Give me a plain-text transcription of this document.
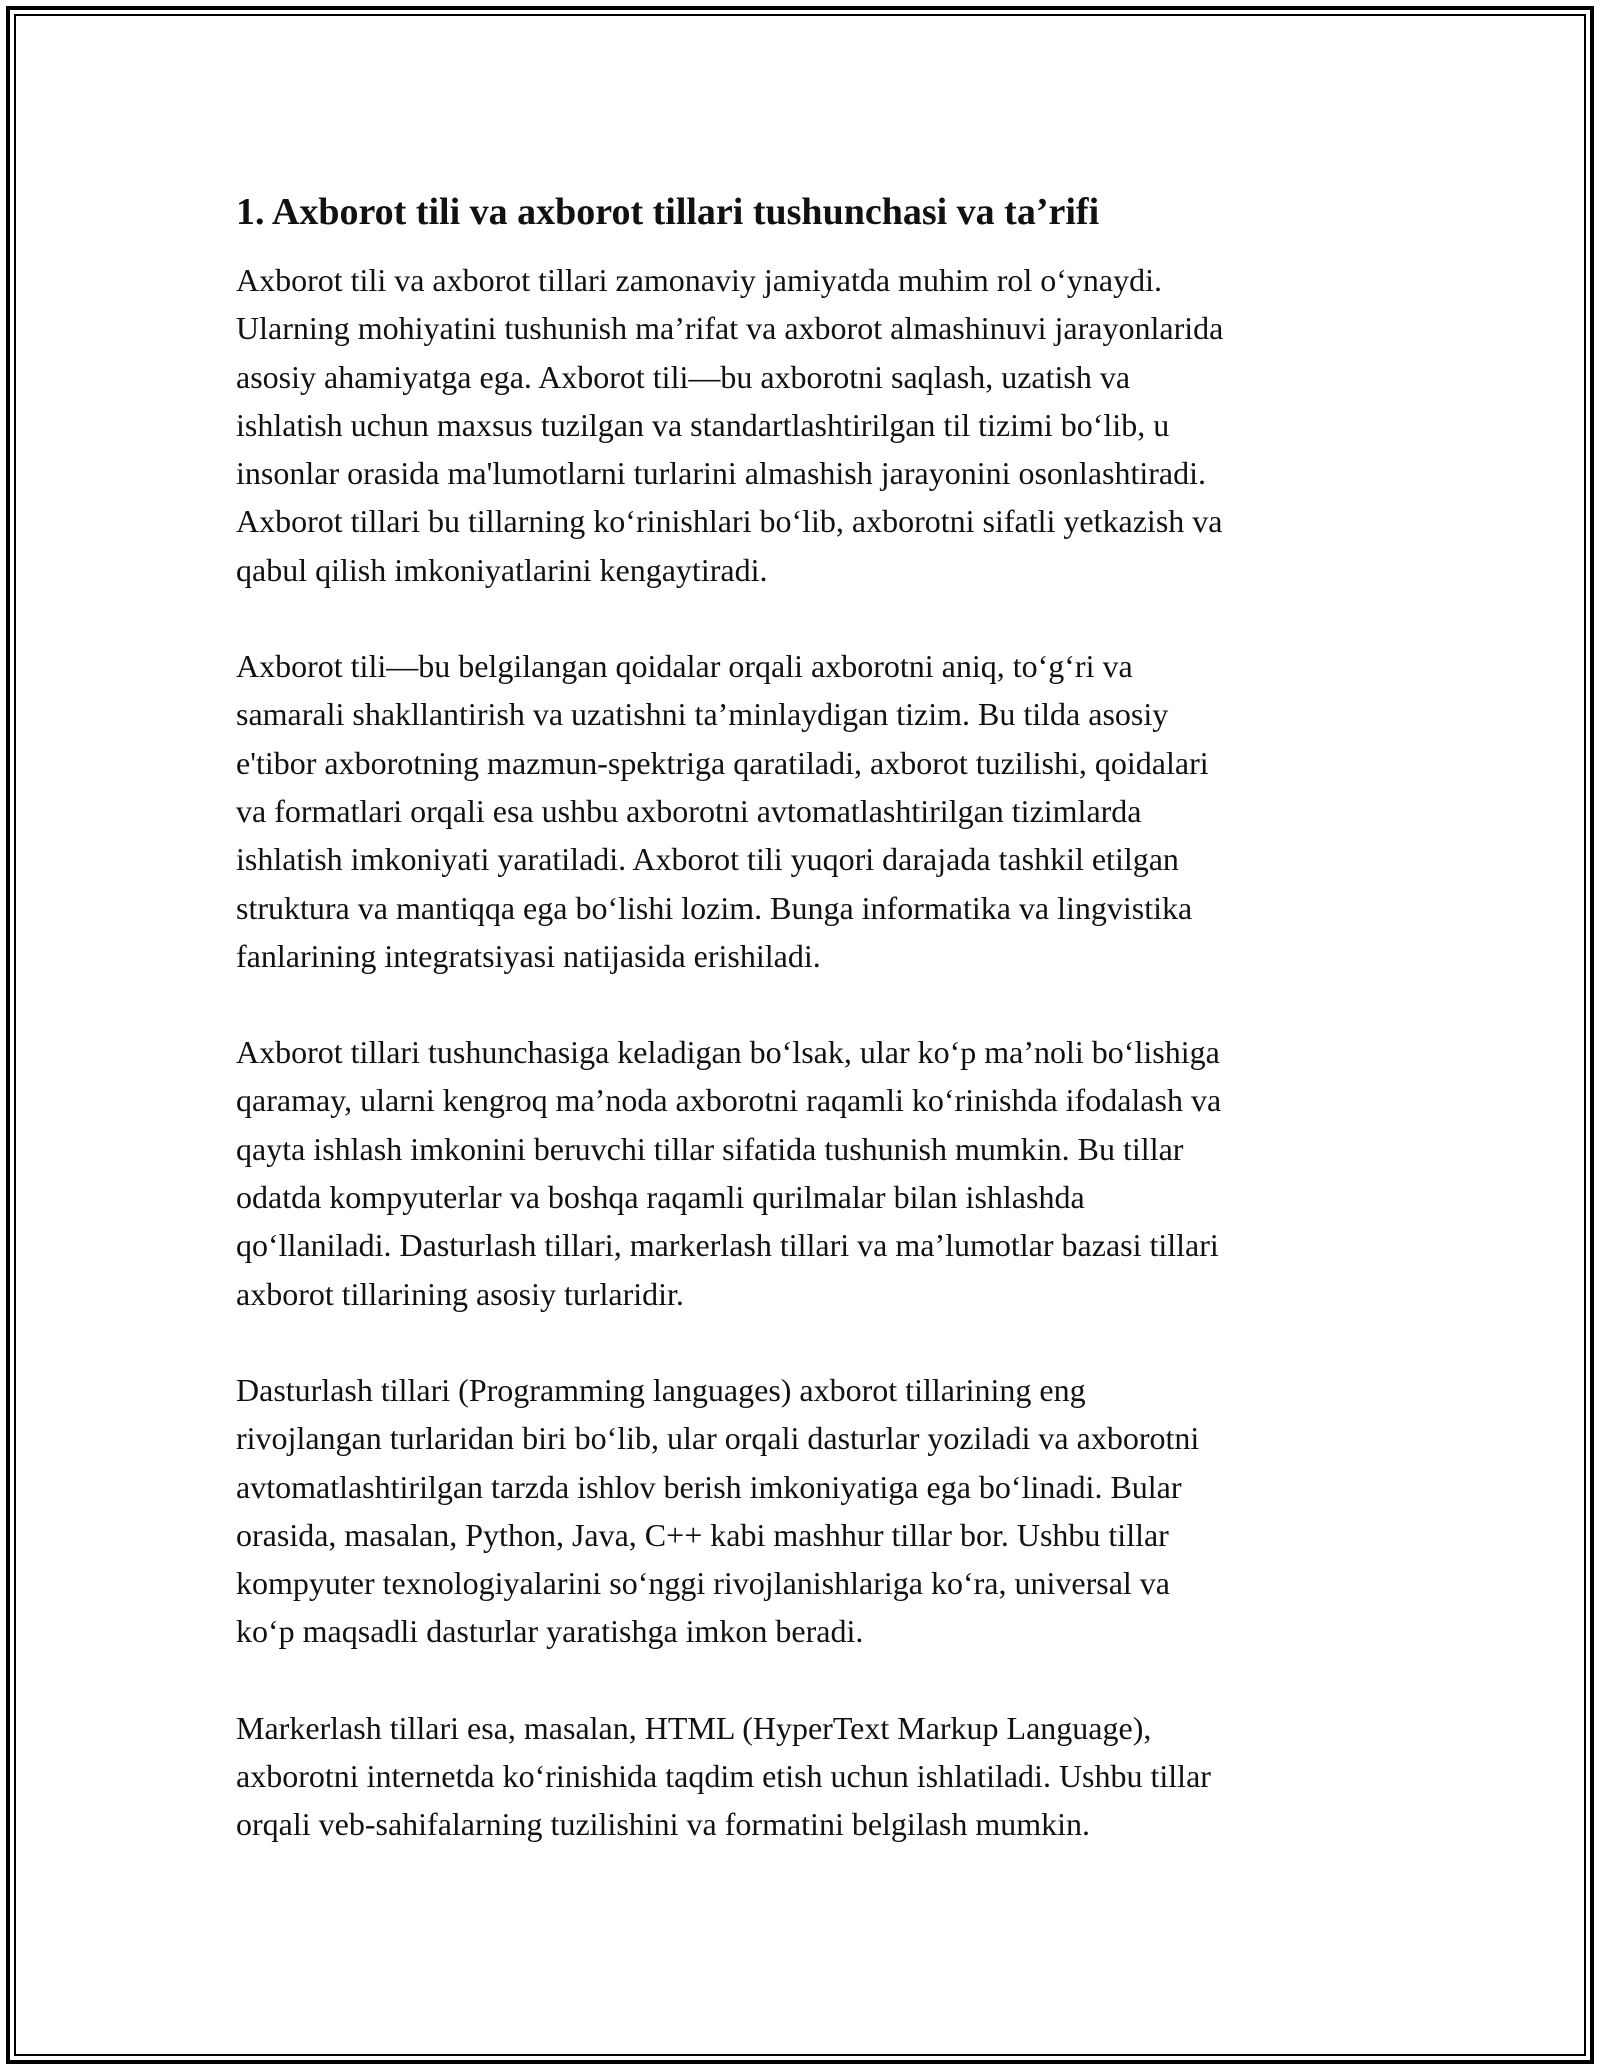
1. Axborot tili va axborot tillari tushunchasi va ta’rifi

Axborot tili va axborot tillari zamonaviy jamiyatda muhim rol o‘ynaydi.
Ularning mohiyatini tushunish ma’rifat va axborot almashinuvi jarayonlarida
asosiy ahamiyatga ega. Axborot tili—bu axborotni saqlash, uzatish va
ishlatish uchun maxsus tuzilgan va standartlashtirilgan til tizimi bo‘lib, u
insonlar orasida ma'lumotlarni turlarini almashish jarayonini osonlashtiradi.
Axborot tillari bu tillarning ko‘rinishlari bo‘lib, axborotni sifatli yetkazish va
qabul qilish imkoniyatlarini kengaytiradi.

Axborot tili—bu belgilangan qoidalar orqali axborotni aniq, to‘g‘ri va
samarali shakllantirish va uzatishni ta’minlaydigan tizim. Bu tilda asosiy
e'tibor axborotning mazmun-spektriga qaratiladi, axborot tuzilishi, qoidalari
va formatlari orqali esa ushbu axborotni avtomatlashtirilgan tizimlarda
ishlatish imkoniyati yaratiladi. Axborot tili yuqori darajada tashkil etilgan
struktura va mantiqqa ega bo‘lishi lozim. Bunga informatika va lingvistika
fanlarining integratsiyasi natijasida erishiladi.

Axborot tillari tushunchasiga keladigan bo‘lsak, ular ko‘p ma’noli bo‘lishiga
qaramay, ularni kengroq ma’noda axborotni raqamli ko‘rinishda ifodalash va
qayta ishlash imkonini beruvchi tillar sifatida tushunish mumkin. Bu tillar
odatda kompyuterlar va boshqa raqamli qurilmalar bilan ishlashda
qo‘llaniladi. Dasturlash tillari, markerlash tillari va ma’lumotlar bazasi tillari
axborot tillarining asosiy turlaridir.

Dasturlash tillari (Programming languages) axborot tillarining eng
rivojlangan turlaridan biri bo‘lib, ular orqali dasturlar yoziladi va axborotni
avtomatlashtirilgan tarzda ishlov berish imkoniyatiga ega bo‘linadi. Bular
orasida, masalan, Python, Java, C++ kabi mashhur tillar bor. Ushbu tillar
kompyuter texnologiyalarini so‘nggi rivojlanishlariga ko‘ra, universal va
ko‘p maqsadli dasturlar yaratishga imkon beradi.

Markerlash tillari esa, masalan, HTML (HyperText Markup Language),
axborotni internetda ko‘rinishida taqdim etish uchun ishlatiladi. Ushbu tillar
orqali veb-sahifalarning tuzilishini va formatini belgilash mumkin.
